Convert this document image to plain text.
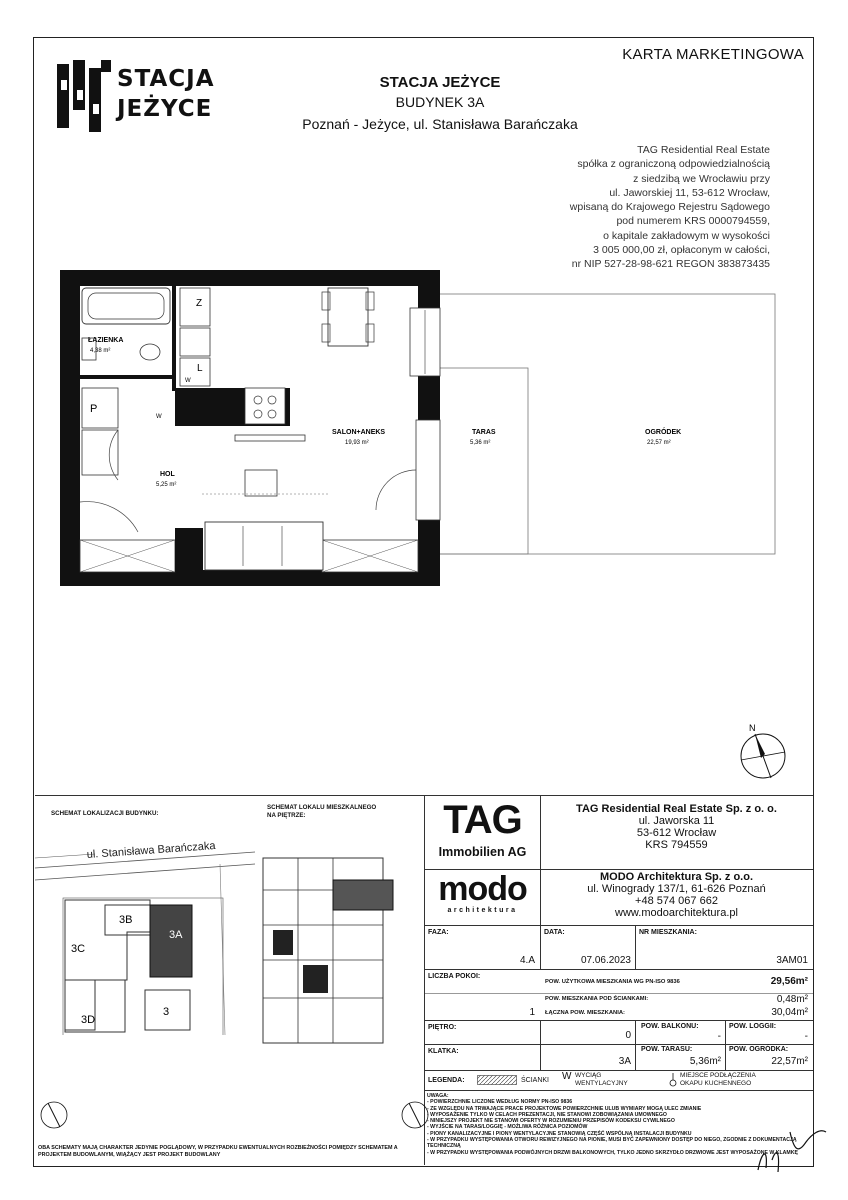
KARTA MARKETINGOWA
STACJA
JEŻYCE
STACJA JEŻYCE
BUDYNEK 3A
Poznań - Jeżyce, ul. Stanisława Barańczaka
TAG Residential Real Estate
spółka z ograniczoną odpowiedzialnością
z siedzibą we Wrocławiu przy
ul. Jaworskiej 11, 53-612 Wrocław,
wpisaną do Krajowego Rejestru Sądowego
pod numerem KRS 0000794559,
o kapitale zakładowym w wysokości
3 005 000,00 zł, opłaconym w całości,
nr NIP 527-28-98-621 REGON 383873435
ŁAZIENKA
4,38 m²
SALON+ANEKS
19,93 m²
HOL
5,25 m²
TARAS
5,36 m²
OGRÓDEK
22,57 m²
Z
L
P
W
W
N
SCHEMAT LOKALIZACJI BUDYNKU:
SCHEMAT LOKALU MIESZKALNEGO
NA PIĘTRZE:
ul. Stanisława Barańczaka
3B
3A
3C
3D
3
OBA SCHEMATY MAJĄ CHARAKTER JEDYNIE POGLĄDOWY, W PRZYPADKU EWENTUALNYCH ROZBIEŻNOŚCI POMIĘDZY SCHEMATEM A
PROJEKTEM BUDOWLANYM, WIĄŻĄCY JEST PROJEKT BUDOWLANY
TAG
Immobilien AG
modo
architektura
TAG Residential Real Estate Sp. z o. o.
ul. Jaworska 11
53-612 Wrocław
KRS 794559
MODO Architektura Sp. z o.o.
ul. Winogrady 137/1, 61-626 Poznań
+48 574 067 662
www.modoarchitektura.pl
FAZA:
4.A
DATA:
07.06.2023
NR MIESZKANIA:
3AM01
LICZBA POKOI:
1
POW. UŻYTKOWA MIESZKANIA WG PN-ISO 9836	29,56m²
POW. MIESZKANIA POD ŚCIANKAMI:	0,48m²
ŁĄCZNA POW. MIESZKANIA:	30,04m²
PIĘTRO:
0
POW. BALKONU:
-
POW. LOGGII:
-
KLATKA:
3A
POW. TARASU:
5,36m²
POW. OGRÓDKA:
22,57m²
LEGENDA:	ŚCIANKI W WYCIĄG
WENTYLACYJNY
MIEJSCE PODŁĄCZENIA
OKAPU KUCHENNEGO
UWAGA:
- POWIERZCHNIE LICZONE WEDŁUG NORMY PN-ISO 9836
- ZE WZGLĘDU NA TRWAJĄCE PRACE PROJEKTOWE POWIERZCHNIE ULUB WYMIARY MOGĄ ULEC ZMIANIE
- WYPOSAŻENIE TYLKO W CELACH PREZENTACJI, NIE STANOWI ZOBOWIĄZANIA UMOWNEGO
- NINIEJSZY PROJEKT NIE STANOWI OFERTY W ROZUMIENIU PRZEPISÓW KODEKSU CYWILNEGO
- WYJŚCIE NA TARAS/LOGGIĘ - MOŻLIWA RÓŻNICA POZIOMÓW
- PIONY KANALIZACYJNE I PIONY WENTYLACYJNE STANOWIĄ CZĘŚĆ WSPÓLNĄ INSTALACJI BUDYNKU
- W PRZYPADKU WYSTĘPOWANIA OTWORU REWIZYJNEGO NA PIONIE, MUSI BYĆ ZAPEWNIONY DOSTĘP DO NIEGO, ZGODNIE Z DOKUMENTACJĄ TECHNICZNĄ
- W PRZYPADKU WYSTĘPOWANIA PODWÓJNYCH DRZWI BALKONOWYCH, TYLKO JEDNO SKRZYDŁO DRZWIOWE JEST WYPOSAŻONE W KLAMKĘ
